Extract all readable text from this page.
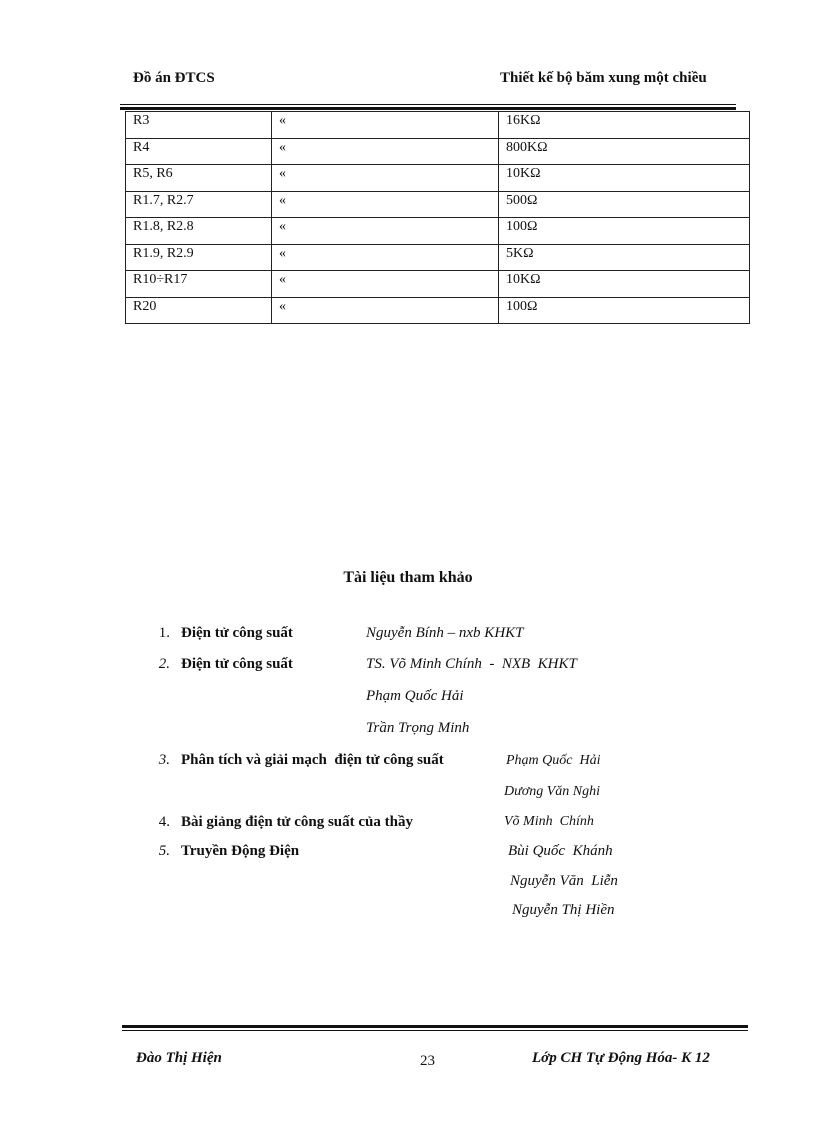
Đồ án ĐTCS	Thiết kế bộ băm xung một chiều
R3	«	16KΩ
R4	«	800KΩ
R5, R6	«	10KΩ
R1.7, R2.7	«	500Ω
R1.8, R2.8	«	100Ω
R1.9, R2.9	«	5KΩ
R10÷R17	«	10KΩ
R20	«	100Ω
Tài liệu tham khảo
1. Điện tử công suất	Nguyễn Bính – nxb KHKT
2. Điện tử công suất	TS. Võ Minh Chính  -  NXB  KHKT
Phạm Quốc Hải
Trần Trọng Minh
3. Phân tích và giải mạch  điện tử công suất	Phạm Quốc  Hải
Dương Văn Nghi
4. Bài giảng điện tử công suất của thầy	Võ Minh  Chính
5. Truyền Động Điện	Bùi Quốc  Khánh
Nguyễn Văn  Liễn
Nguyễn Thị Hiền
Đào Thị Hiện	23	Lớp CH Tự Động Hóa- K 12
